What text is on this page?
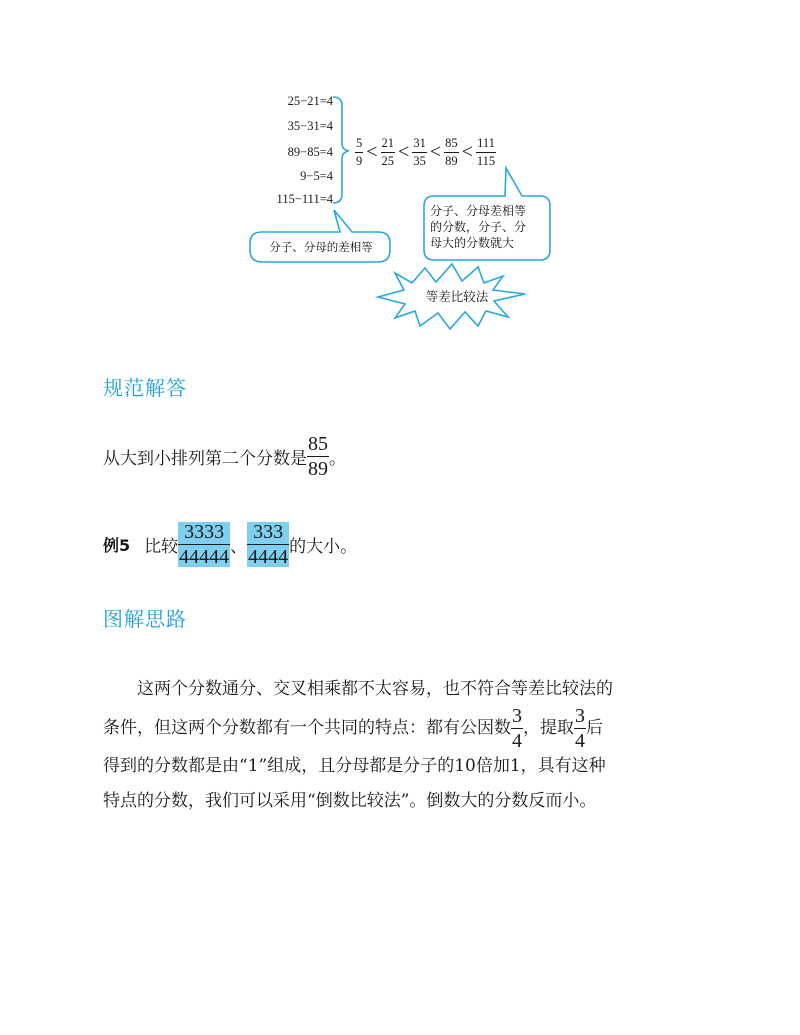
25−21=4
35−31=4
89−85=4
9−5=4
115−111=4
$\frac{5}{9} < \frac{21}{25} < \frac{31}{35} < \frac{85}{89} < \frac{111}{115}$
分子、分母的差相等
分子、分母差相等
的分数，分子、分
母大的分数就大
等差比较法
规范解答
从大到小排列第二个分数是 $\frac{85}{89}$ 。
例5 比较 $\frac{3333}{44444}$ 、 $\frac{333}{4444}$ 的大小。
图解思路
这两个分数通分、交叉相乘都不太容易，也不符合等差比较法的
条件，但这两个分数都有一个共同的特点：都有公因数 $\frac{3}{4}$ ，提取 $\frac{3}{4}$ 后
得到的分数都是由“1”组成，且分母都是分子的10倍加1，具有这种
特点的分数，我们可以采用“倒数比较法”。倒数大的分数反而小。
